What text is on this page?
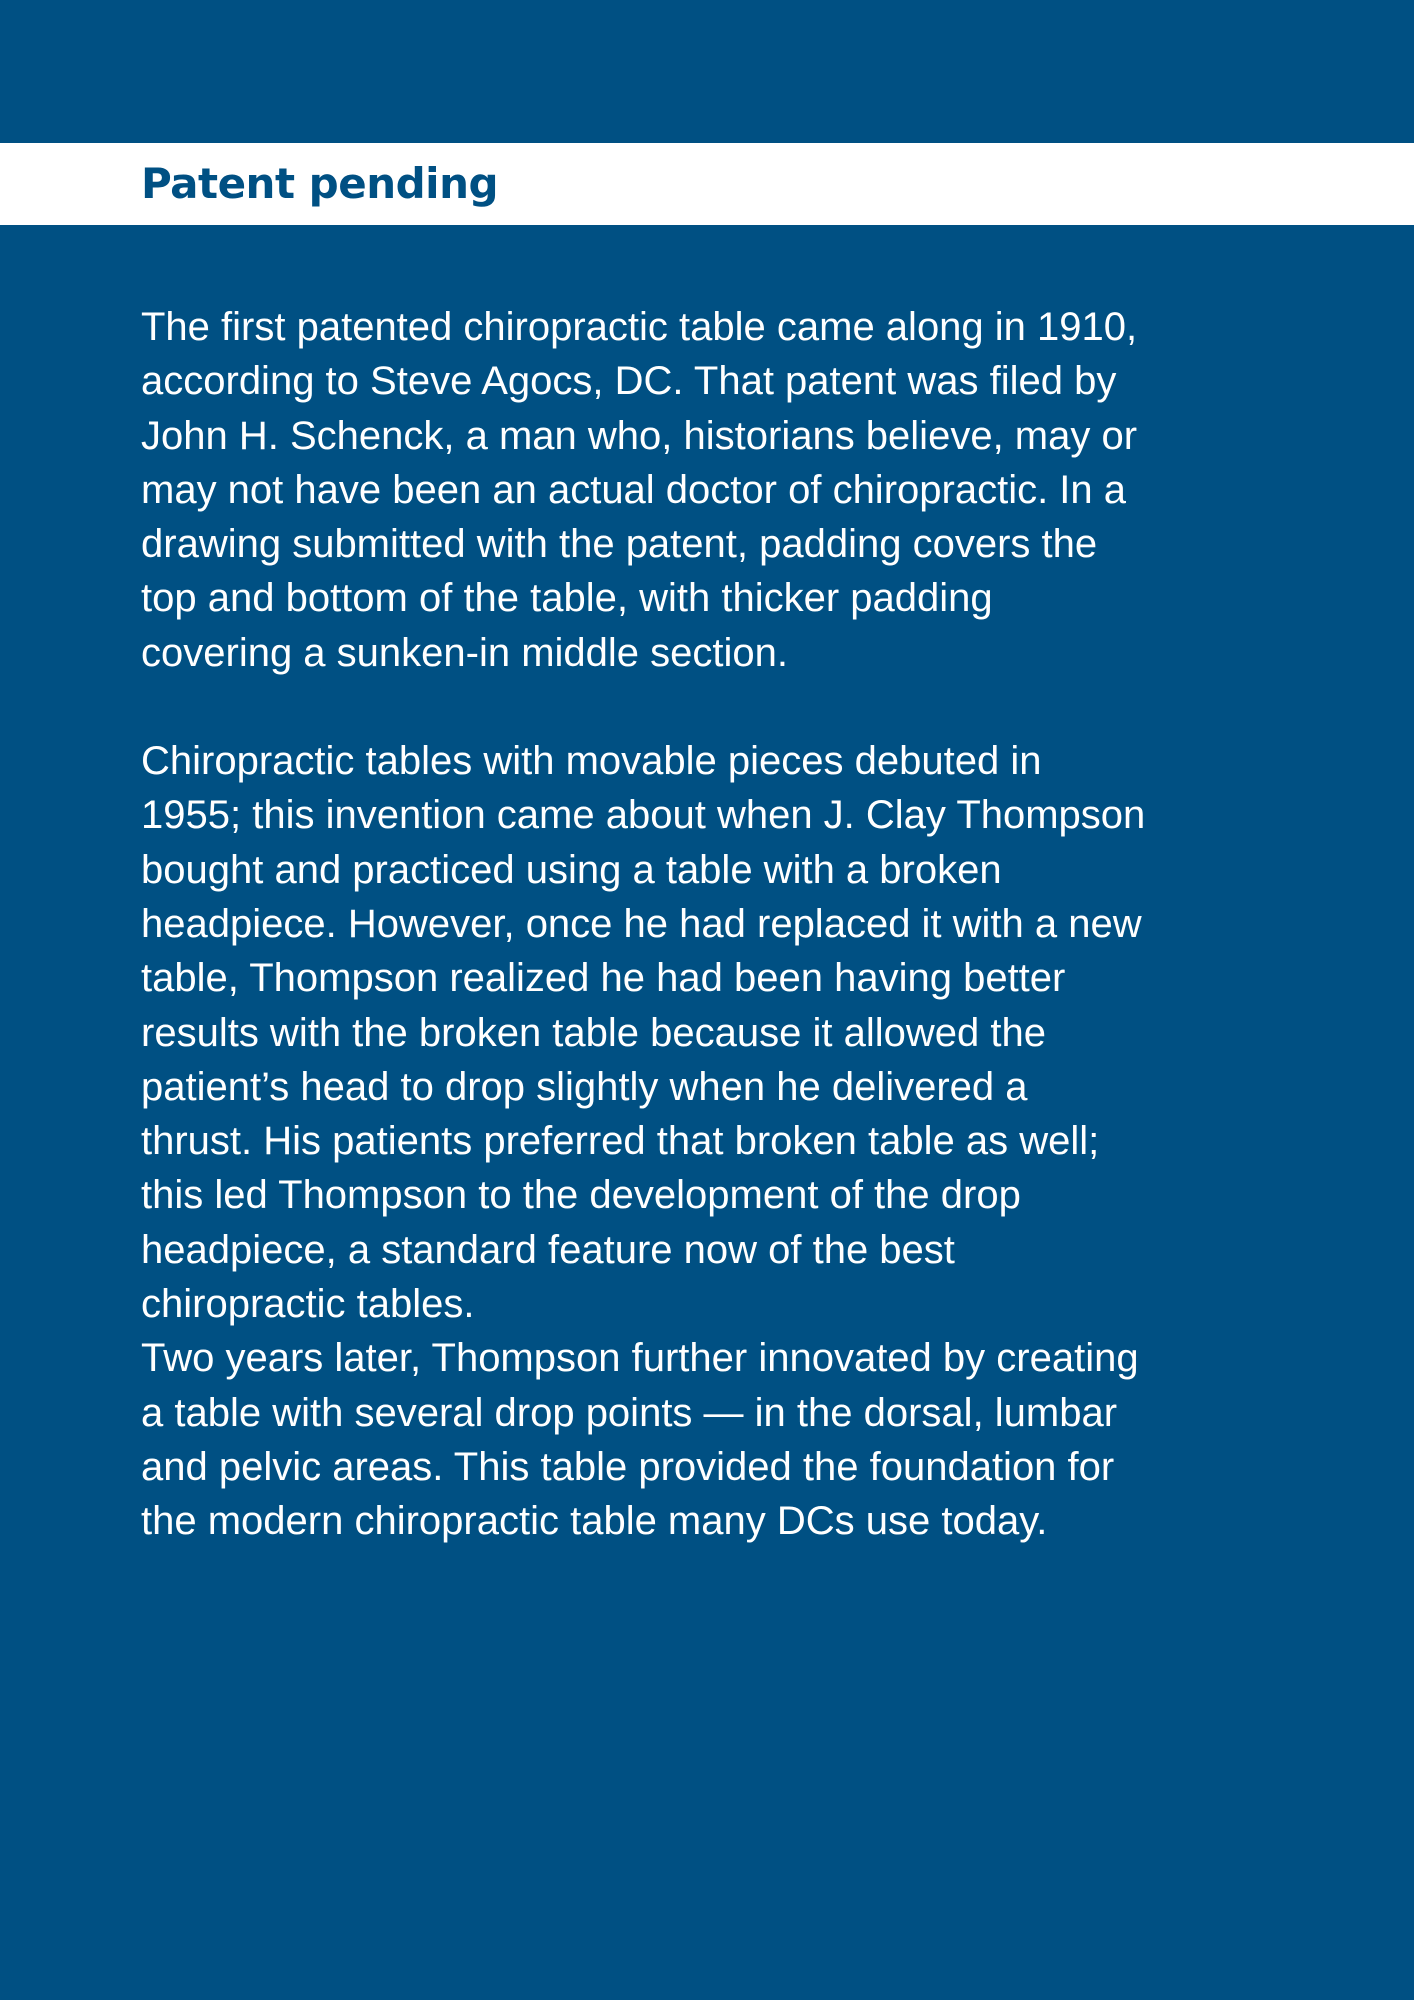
Patent pending

The first patented chiropractic table came along in 1910,
according to Steve Agocs, DC. That patent was filed by
John H. Schenck, a man who, historians believe, may or
may not have been an actual doctor of chiropractic. In a
drawing submitted with the patent, padding covers the
top and bottom of the table, with thicker padding
covering a sunken-in middle section.

Chiropractic tables with movable pieces debuted in
1955; this invention came about when J. Clay Thompson
bought and practiced using a table with a broken
headpiece. However, once he had replaced it with a new
table, Thompson realized he had been having better
results with the broken table because it allowed the
patient’s head to drop slightly when he delivered a
thrust. His patients preferred that broken table as well;
this led Thompson to the development of the drop
headpiece, a standard feature now of the best
chiropractic tables.

Two years later, Thompson further innovated by creating
a table with several drop points — in the dorsal, lumbar
and pelvic areas. This table provided the foundation for
the modern chiropractic table many DCs use today.
